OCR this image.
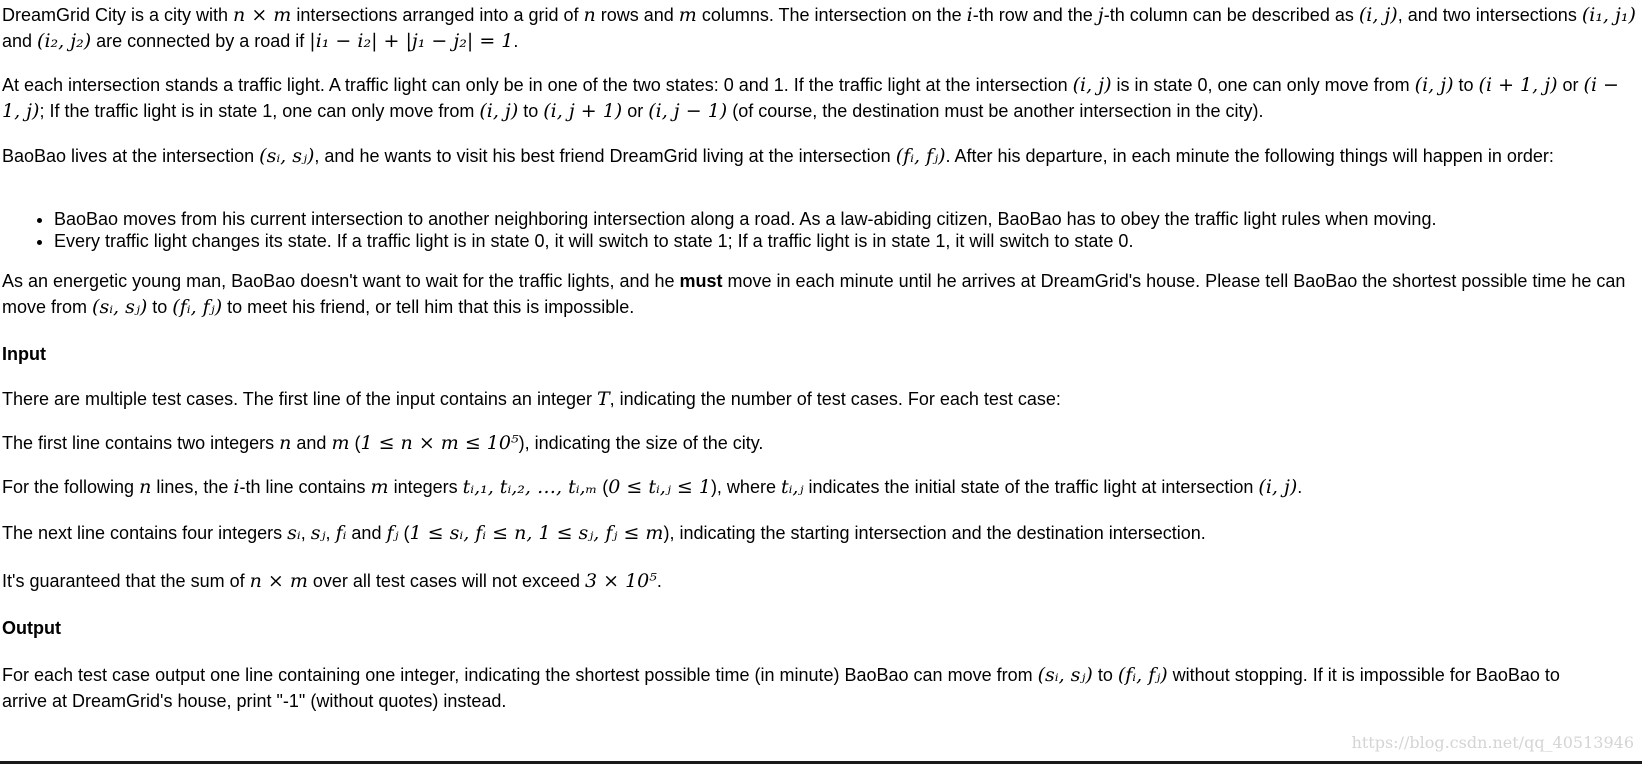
DreamGrid City is a city with n × m intersections arranged into a grid of n rows and m columns. The intersection on the i-th row and the j-th column can be described as (i, j), and two intersections (i₁, j₁) and (i₂, j₂) are connected by a road if |i₁ − i₂| + |j₁ − j₂| = 1.

At each intersection stands a traffic light. A traffic light can only be in one of the two states: 0 and 1. If the traffic light at the intersection (i, j) is in state 0, one can only move from (i, j) to (i + 1, j) or (i − 1, j); If the traffic light is in state 1, one can only move from (i, j) to (i, j + 1) or (i, j − 1) (of course, the destination must be another intersection in the city).

BaoBao lives at the intersection (sᵢ, sⱼ), and he wants to visit his best friend DreamGrid living at the intersection (fᵢ, fⱼ). After his departure, in each minute the following things will happen in order:

• BaoBao moves from his current intersection to another neighboring intersection along a road. As a law-abiding citizen, BaoBao has to obey the traffic light rules when moving.
• Every traffic light changes its state. If a traffic light is in state 0, it will switch to state 1; If a traffic light is in state 1, it will switch to state 0.

As an energetic young man, BaoBao doesn't want to wait for the traffic lights, and he must move in each minute until he arrives at DreamGrid's house. Please tell BaoBao the shortest possible time he can move from (sᵢ, sⱼ) to (fᵢ, fⱼ) to meet his friend, or tell him that this is impossible.

Input

There are multiple test cases. The first line of the input contains an integer T, indicating the number of test cases. For each test case:

The first line contains two integers n and m (1 ≤ n × m ≤ 10⁵), indicating the size of the city.

For the following n lines, the i-th line contains m integers tᵢ,₁, tᵢ,₂, …, tᵢ,ₘ (0 ≤ tᵢ,ⱼ ≤ 1), where tᵢ,ⱼ indicates the initial state of the traffic light at intersection (i, j).

The next line contains four integers sᵢ, sⱼ, fᵢ and fⱼ (1 ≤ sᵢ, fᵢ ≤ n, 1 ≤ sⱼ, fⱼ ≤ m), indicating the starting intersection and the destination intersection.

It's guaranteed that the sum of n × m over all test cases will not exceed 3 × 10⁵.

Output

For each test case output one line containing one integer, indicating the shortest possible time (in minute) BaoBao can move from (sᵢ, sⱼ) to (fᵢ, fⱼ) without stopping. If it is impossible for BaoBao to arrive at DreamGrid's house, print "-1" (without quotes) instead.

https://blog.csdn.net/qq_40513946
